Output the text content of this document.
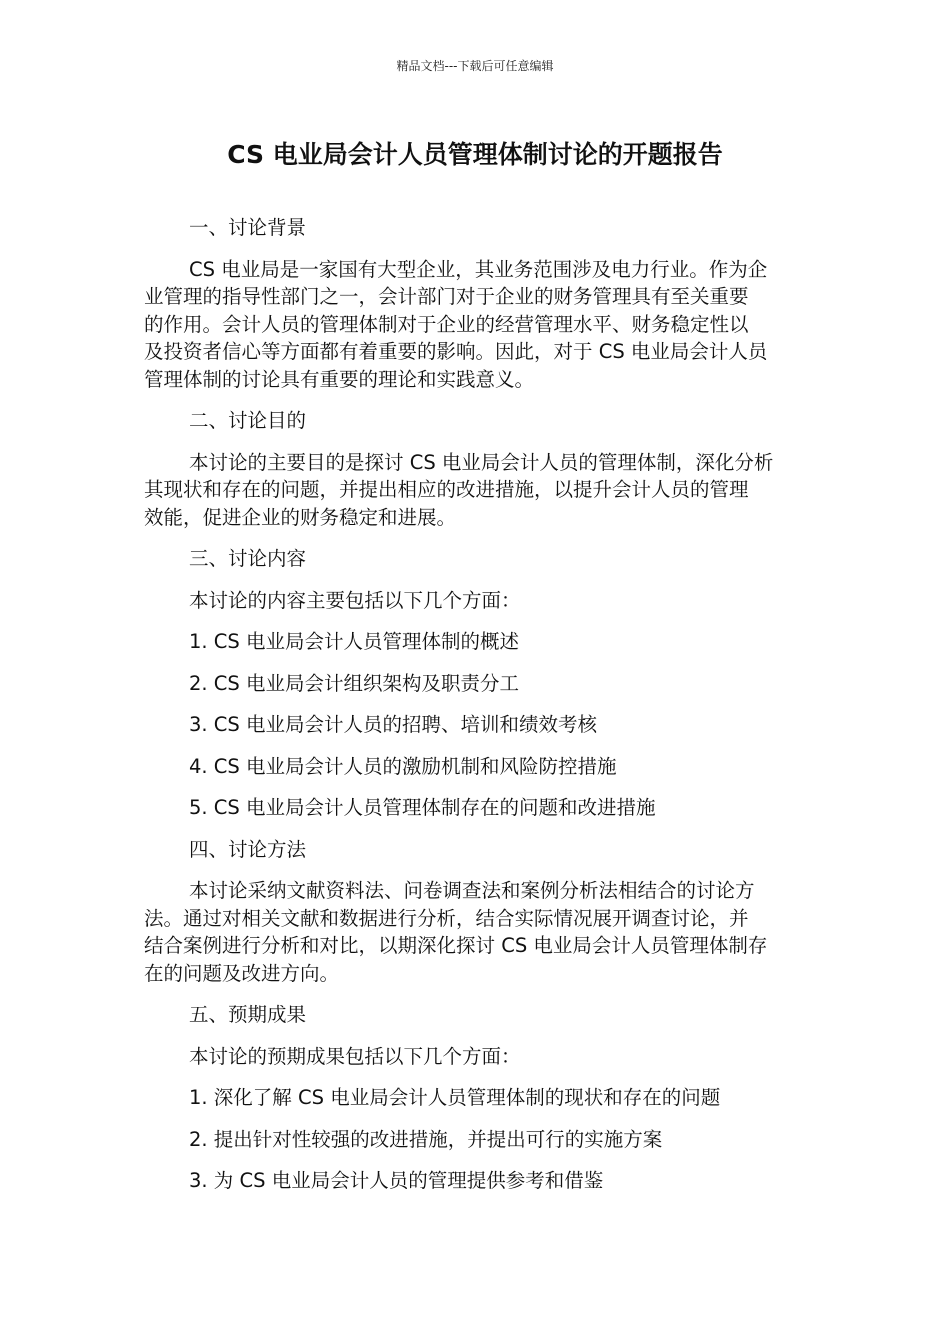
精品文档---下载后可任意编辑
CS 电业局会计人员管理体制讨论的开题报告

一、讨论背景

CS 电业局是一家国有大型企业，其业务范围涉及电力行业。作为企

业管理的指导性部门之一，会计部门对于企业的财务管理具有至关重要

的作用。会计人员的管理体制对于企业的经营管理水平、财务稳定性以

及投资者信心等方面都有着重要的影响。因此，对于 CS 电业局会计人员

管理体制的讨论具有重要的理论和实践意义。

二、讨论目的

本讨论的主要目的是探讨 CS 电业局会计人员的管理体制，深化分析

其现状和存在的问题，并提出相应的改进措施，以提升会计人员的管理

效能，促进企业的财务稳定和进展。

三、讨论内容

本讨论的内容主要包括以下几个方面：

1. CS 电业局会计人员管理体制的概述

2. CS 电业局会计组织架构及职责分工

3. CS 电业局会计人员的招聘、培训和绩效考核

4. CS 电业局会计人员的激励机制和风险防控措施

5. CS 电业局会计人员管理体制存在的问题和改进措施

四、讨论方法

本讨论采纳文献资料法、问卷调查法和案例分析法相结合的讨论方

法。通过对相关文献和数据进行分析，结合实际情况展开调查讨论，并

结合案例进行分析和对比，以期深化探讨 CS 电业局会计人员管理体制存

在的问题及改进方向。

五、预期成果

本讨论的预期成果包括以下几个方面：

1. 深化了解 CS 电业局会计人员管理体制的现状和存在的问题

2. 提出针对性较强的改进措施，并提出可行的实施方案

3. 为 CS 电业局会计人员的管理提供参考和借鉴
